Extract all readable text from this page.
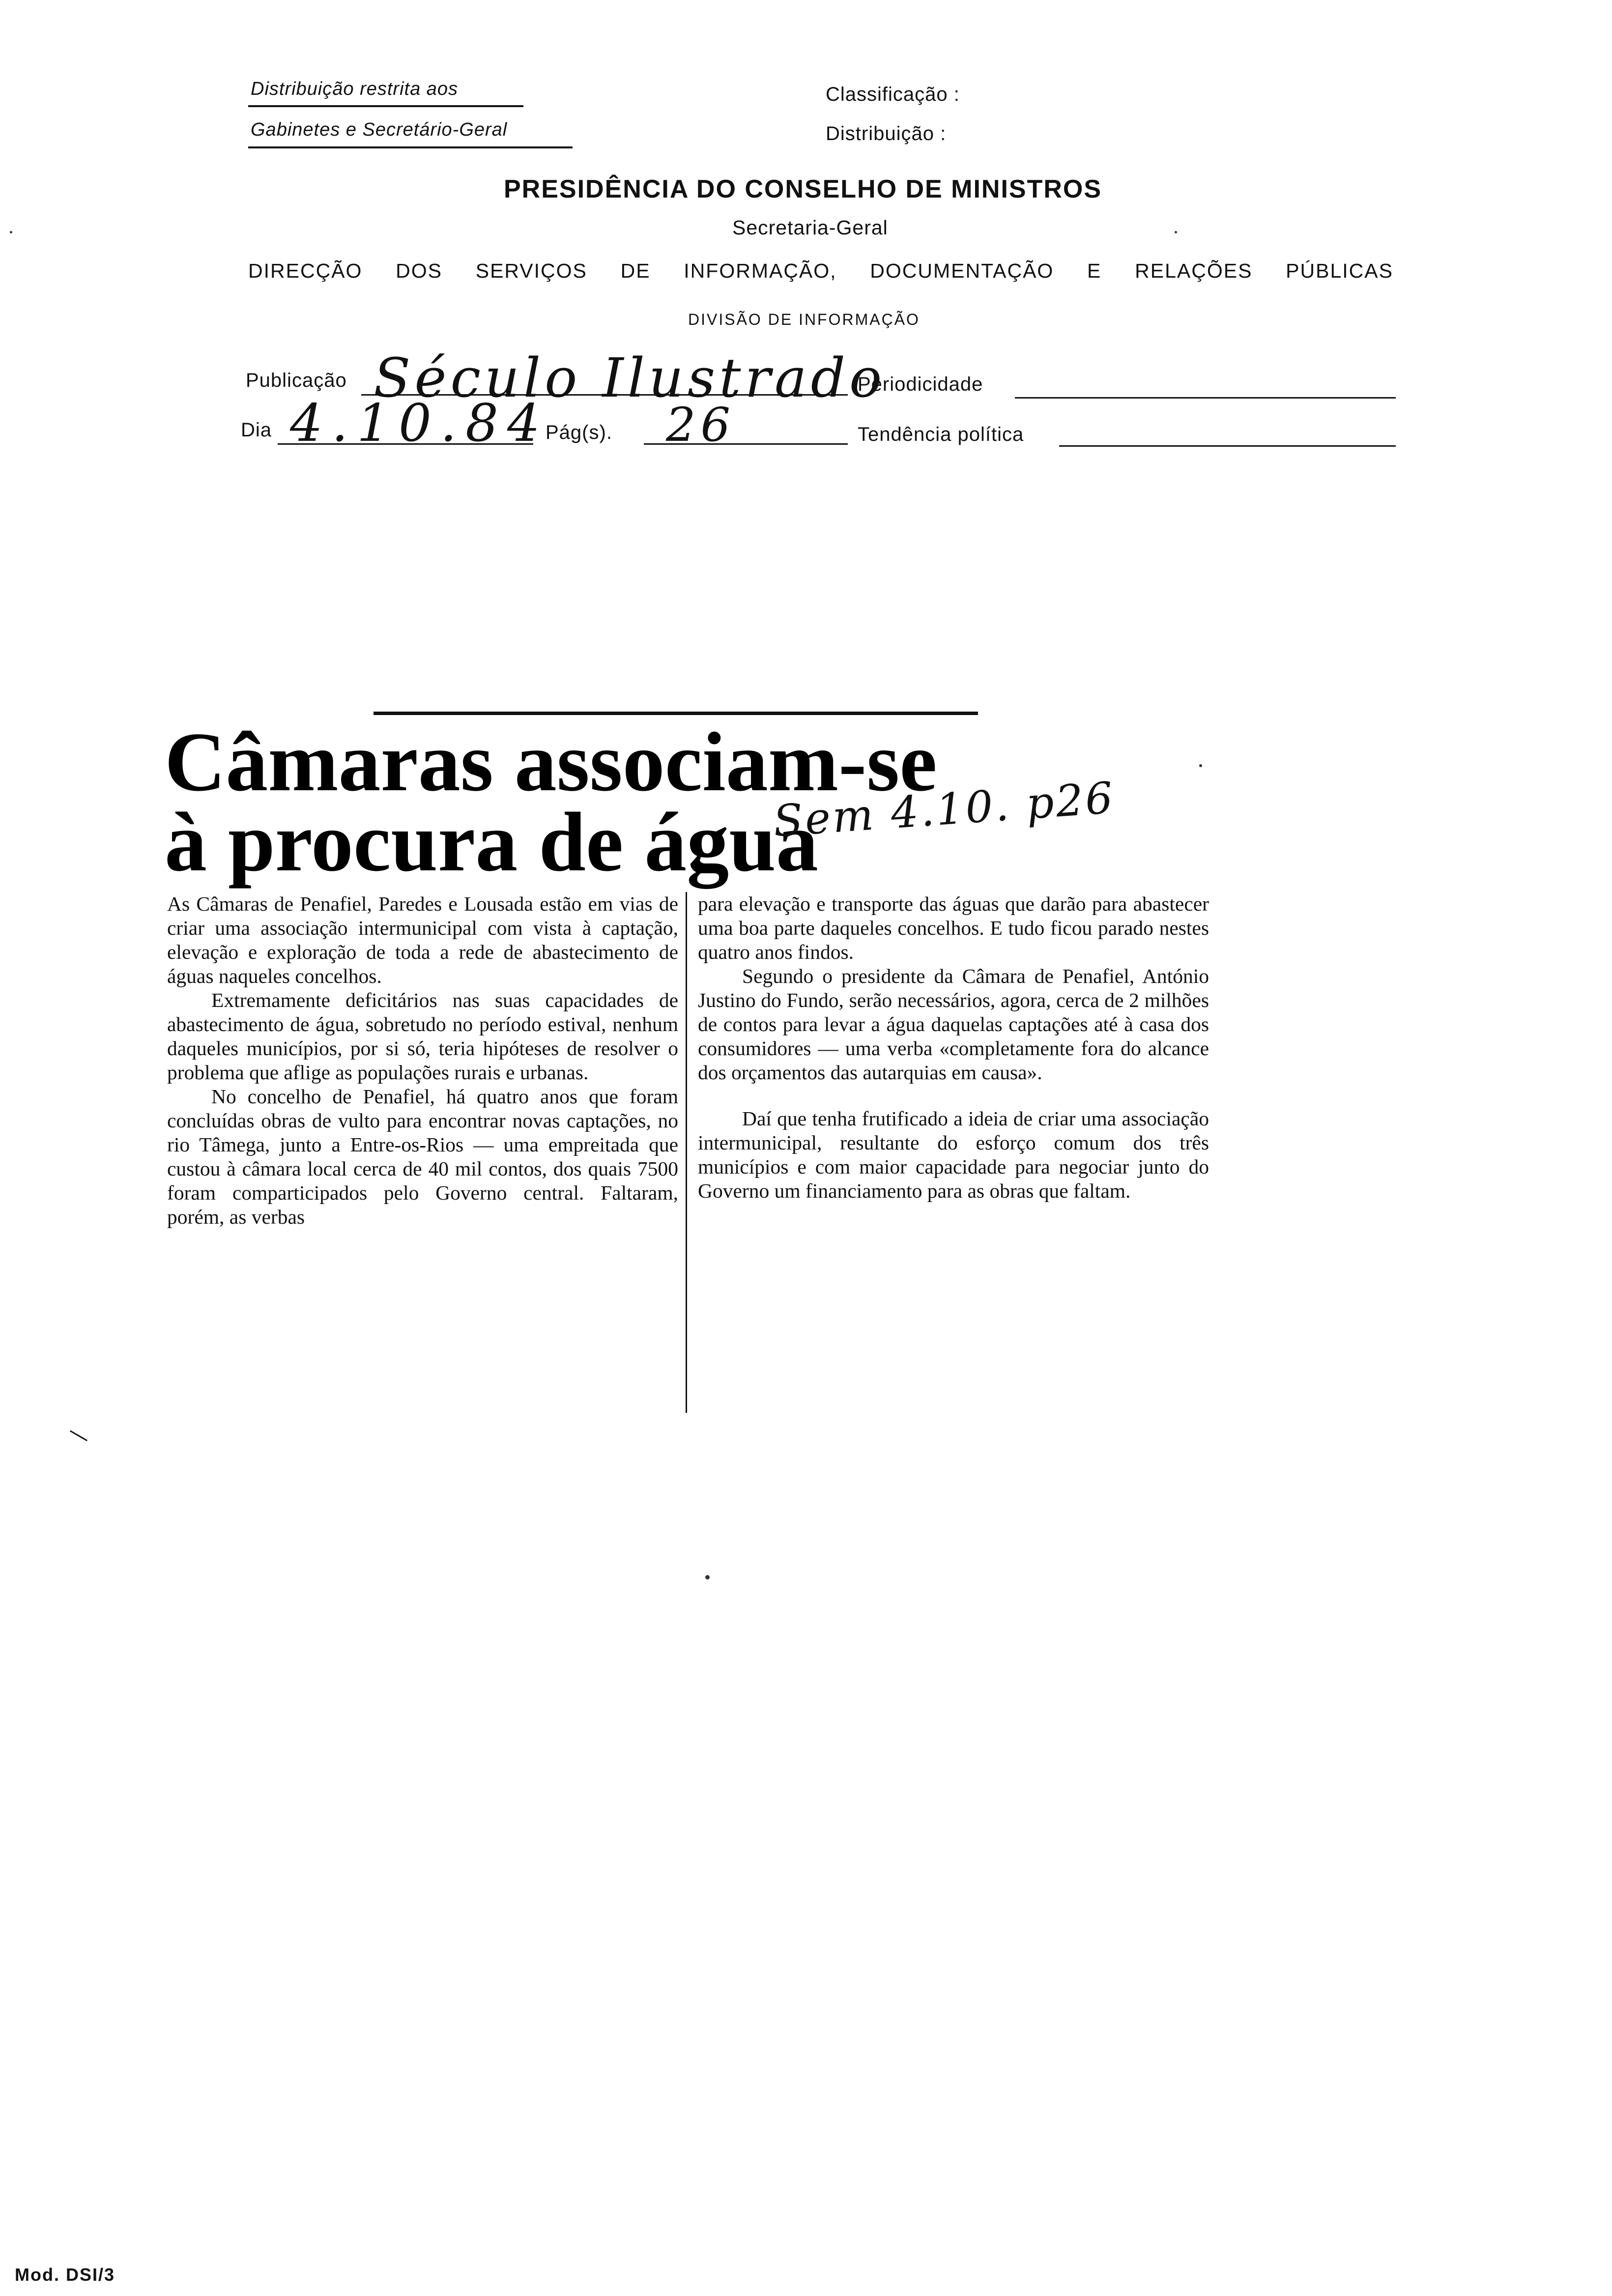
Distribuição restrita aos
Gabinetes e Secretário-Geral
Classificação :
Distribuição :
PRESIDÊNCIA DO CONSELHO DE MINISTROS
Secretaria-Geral
DIRECÇÃO DOS SERVIÇOS DE INFORMAÇÃO, DOCUMENTAÇÃO E RELAÇÕES PÚBLICAS
DIVISÃO DE INFORMAÇÃO
Publicação Século Ilustrado
Periodicidade
Dia 4.10.84
Pág(s). 26	Tendência política
Câmaras associam-se
à procura de água
Sem 4.10. p26

As Câmaras de Penafiel, Paredes e Lousada estão em vias de criar uma associação intermunicipal com vista à captação, elevação e exploração de toda a rede de abastecimento de águas naqueles concelhos.

Extremamente deficitários nas suas capacidades de abastecimento de água, sobretudo no período estival, nenhum daqueles municípios, por si só, teria hipóteses de resolver o problema que aflige as populações rurais e urbanas.

No concelho de Penafiel, há quatro anos que foram concluídas obras de vulto para encontrar novas captações, no rio Tâmega, junto a Entre-os-Rios — uma empreitada que custou à câmara local cerca de 40 mil contos, dos quais 7500 foram comparticipados pelo Governo central. Faltaram, porém, as verbas

para elevação e transporte das águas que darão para abastecer uma boa parte daqueles concelhos. E tudo ficou parado nestes quatro anos findos.

Segundo o presidente da Câmara de Penafiel, António Justino do Fundo, serão necessários, agora, cerca de 2 milhões de contos para levar a água daquelas captações até à casa dos consumidores — uma verba «completamente fora do alcance dos orçamentos das autarquias em causa».

Daí que tenha frutificado a ideia de criar uma associação intermunicipal, resultante do esforço comum dos três municípios e com maior capacidade para negociar junto do Governo um financiamento para as obras que faltam.

Mod. DSI/3
